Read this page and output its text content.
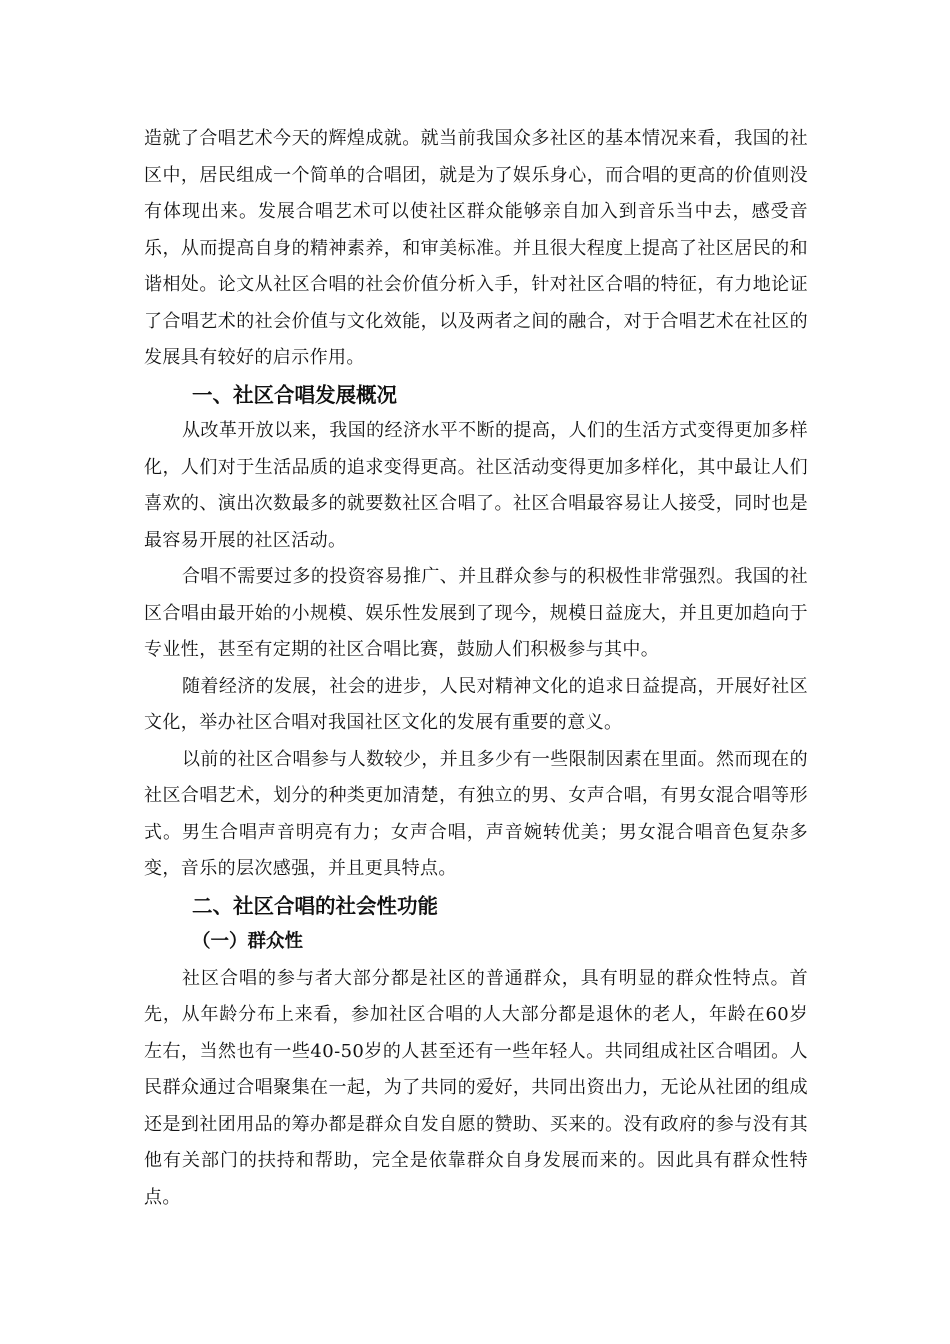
造就了合唱艺术今天的辉煌成就。就当前我国众多社区的基本情况来看，我国的社区中，居民组成一个简单的合唱团，就是为了娱乐身心，而合唱的更高的价值则没有体现出来。发展合唱艺术可以使社区群众能够亲自加入到音乐当中去，感受音乐，从而提高自身的精神素养，和审美标准。并且很大程度上提高了社区居民的和谐相处。论文从社区合唱的社会价值分析入手，针对社区合唱的特征，有力地论证了合唱艺术的社会价值与文化效能，以及两者之间的融合，对于合唱艺术在社区的发展具有较好的启示作用。

一、社区合唱发展概况

从改革开放以来，我国的经济水平不断的提高，人们的生活方式变得更加多样化，人们对于生活品质的追求变得更高。社区活动变得更加多样化，其中最让人们喜欢的、演出次数最多的就要数社区合唱了。社区合唱最容易让人接受，同时也是最容易开展的社区活动。

合唱不需要过多的投资容易推广、并且群众参与的积极性非常强烈。我国的社区合唱由最开始的小规模、娱乐性发展到了现今，规模日益庞大，并且更加趋向于专业性，甚至有定期的社区合唱比赛，鼓励人们积极参与其中。

随着经济的发展，社会的进步，人民对精神文化的追求日益提高，开展好社区文化，举办社区合唱对我国社区文化的发展有重要的意义。

以前的社区合唱参与人数较少，并且多少有一些限制因素在里面。然而现在的社区合唱艺术，划分的种类更加清楚，有独立的男、女声合唱，有男女混合唱等形式。男生合唱声音明亮有力；女声合唱，声音婉转优美；男女混合唱音色复杂多变，音乐的层次感强，并且更具特点。

二、社区合唱的社会性功能
（一）群众性

社区合唱的参与者大部分都是社区的普通群众，具有明显的群众性特点。首先，从年龄分布上来看，参加社区合唱的人大部分都是退休的老人，年龄在60岁左右，当然也有一些40-50岁的人甚至还有一些年轻人。共同组成社区合唱团。人民群众通过合唱聚集在一起，为了共同的爱好，共同出资出力，无论从社团的组成还是到社团用品的筹办都是群众自发自愿的赞助、买来的。没有政府的参与没有其他有关部门的扶持和帮助，完全是依靠群众自身发展而来的。因此具有群众性特点。
